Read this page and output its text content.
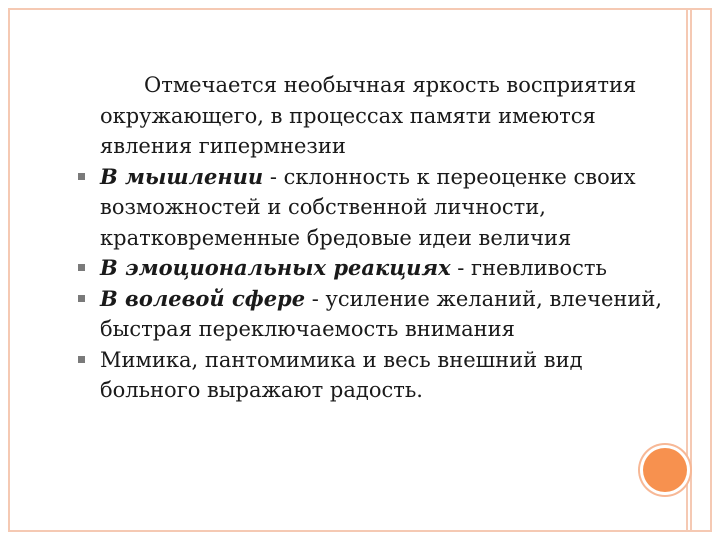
Отмечается необычная яркость восприятия окружающего, в процессах памяти имеются явления гипермнезии

В мышлении - склонность к переоценке своих возможностей и собственной личности, кратковременные бредовые идеи величия
В эмоциональных реакциях - гневливость
В волевой сфере - усиление желаний, влечений, быстрая переключаемость внимания
Мимика, пантомимика и весь внешний вид больного выражают радость.
